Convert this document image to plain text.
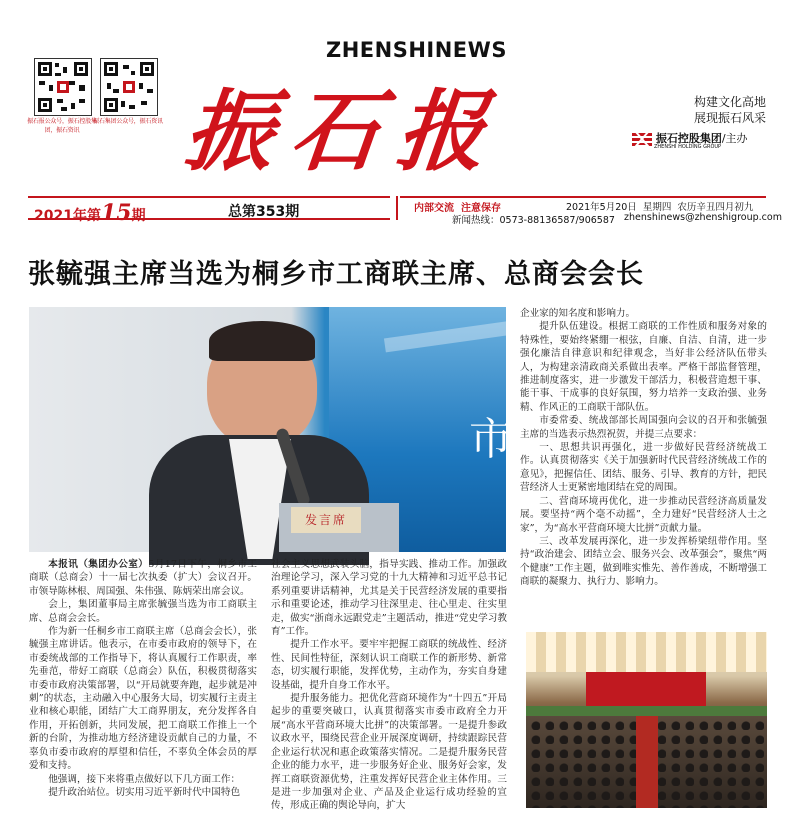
振石报公众号，振石控股集团，振石资讯
振石集团公众号，振石资讯
ZHENSHINEWS
振石报	构建文化高地
展现振石风采
振石控股集团/主办
ZHENSHI HOLDING GROUP
2021年第15期	总第353期	内部交流  注意保存	2021年5月20日  星期四  农历辛丑四月初九
新闻热线：0573-88136587/906587 zhenshinews@zhenshigroup.com
张毓强主席当选为桐乡市工商联主席、总商会会长
市
发言席

本报讯（集团办公室）5月17日下午，桐乡市工商联（总商会）十一届七次执委（扩大）会议召开。市领导陈林根、周国强、朱伟强、陈炳荣出席会议。

会上，集团董事局主席张毓强当选为市工商联主席、总商会会长。

作为新一任桐乡市工商联主席（总商会会长），张毓强主席讲话。他表示，在市委市政府的领导下，在市委统战部的工作指导下，将认真履行工作职责，率先垂范，带好工商联（总商会）队伍，积极贯彻落实市委市政府决策部署，以“开局就要奔跑，起步就是冲刺”的状态，主动融入中心服务大局，切实履行主责主业和核心职能，团结广大工商界朋友，充分发挥各自作用，开拓创新，共同发展，把工商联工作推上一个新的台阶，为推动地方经济建设贡献自己的力量，不辜负市委市政府的厚望和信任，不辜负全体会员的厚爱和支持。

他强调，接下来将重点做好以下几方面工作：

提升政治站位。切实用习近平新时代中国特色

社会主义思想武装头脑，指导实践、推动工作。加强政治理论学习，深入学习党的十九大精神和习近平总书记系列重要讲话精神，尤其是关于民营经济发展的重要指示和重要论述，推动学习往深里走、往心里走、往实里走，做实“浙商永远跟党走”主题活动，推进“党史学习教育”工作。

提升工作水平。要牢牢把握工商联的统战性、经济性、民间性特征，深刻认识工商联工作的新形势、新常态，切实履行职能，发挥优势，主动作为，夯实自身建设基础，提升自身工作水平。

提升服务能力。把优化营商环境作为“十四五”开局起步的重要突破口，认真贯彻落实市委市政府全力开展“高水平营商环境大比拼”的决策部署。一是提升参政议政水平，围绕民营企业开展深度调研，持续跟踪民营企业运行状况和惠企政策落实情况。二是提升服务民营企业的能力水平，进一步服务好企业、服务好会家，发挥工商联资源优势，注重发挥好民营企业主体作用。三是进一步加强对企业、产品及企业运行成功经验的宣传，形成正确的舆论导向，扩大

企业家的知名度和影响力。

提升队伍建设。根据工商联的工作性质和服务对象的特殊性，要始终紧绷一根弦，自廉、自洁、自清，进一步强化廉洁自律意识和纪律观念，当好非公经济队伍带头人，为构建亲清政商关系做出表率。严格干部监督管理，推进制度落实，进一步激发干部活力，积极营造想干事、能干事、干成事的良好氛围，努力培养一支政治强、业务精、作风正的工商联干部队伍。

市委常委、统战部部长周国强向会议的召开和张毓强主席的当选表示热烈祝贺，并提三点要求：

一、思想共识再强化，进一步做好民营经济统战工作。认真贯彻落实《关于加强新时代民营经济统战工作的意见》，把握信任、团结、服务、引导、教育的方针，把民营经济人士更紧密地团结在党的周围。

二、营商环境再优化，进一步推动民营经济高质量发展。要坚持“两个毫不动摇”，全力建好“民营经济人士之家”，为“高水平营商环境大比拼”贡献力量。

三、改革发展再深化，进一步发挥桥梁纽带作用。坚持“政治建会、团结立会、服务兴会、改革强会”，聚焦“两个健康”工作主题，做到唯实惟先、善作善成，不断增强工商联的凝聚力、执行力、影响力。
